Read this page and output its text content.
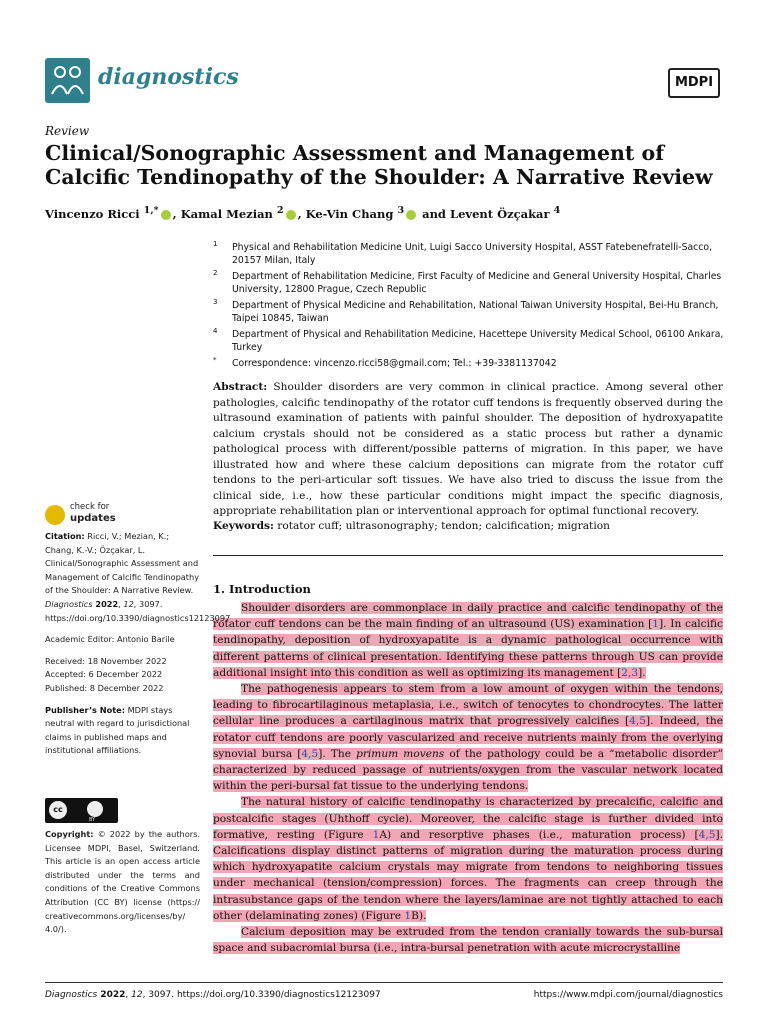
diagnostics	MDPI
Review
Clinical/Sonographic Assessment and Management of Calcific Tendinopathy of the Shoulder: A Narrative Review
Vincenzo Ricci $^{1,*}$ , Kamal Mezian $^2$ , Ke-Vin Chang $^3$ and Levent Özçakar $^4$
1 Physical and Rehabilitation Medicine Unit, Luigi Sacco University Hospital, ASST Fatebenefratelli-Sacco, 20157 Milan, Italy
2 Department of Rehabilitation Medicine, First Faculty of Medicine and General University Hospital, Charles University, 12800 Prague, Czech Republic
3 Department of Physical Medicine and Rehabilitation, National Taiwan University Hospital, Bei-Hu Branch, Taipei 10845, Taiwan
4 Department of Physical and Rehabilitation Medicine, Hacettepe University Medical School, 06100 Ankara, Turkey
* Correspondence: vincenzo.ricci58@gmail.com; Tel.: +39-3381137042
Abstract: Shoulder disorders are very common in clinical practice. Among several other pathologies, calcific tendinopathy of the rotator cuff tendons is frequently observed during the ultrasound examination of patients with painful shoulder. The deposition of hydroxyapatite calcium crystals should not be considered as a static process but rather a dynamic pathological process with different/possible patterns of migration. In this paper, we have illustrated how and where these calcium depositions can migrate from the rotator cuff tendons to the peri-articular soft tissues. We have also tried to discuss the issue from the clinical side, i.e., how these particular conditions might impact the specific diagnosis, appropriate rehabilitation plan or interventional approach for optimal functional recovery.
Keywords: rotator cuff; ultrasonography; tendon; calcification; migration
1. Introduction

Shoulder disorders are commonplace in daily practice and calcific tendinopathy of the rotator cuff tendons can be the main finding of an ultrasound (US) examination [1]. In calcific tendinopathy, deposition of hydroxyapatite is a dynamic pathological occurrence with different patterns of clinical presentation. Identifying these patterns through US can provide additional insight into this condition as well as optimizing its management [2,3].

The pathogenesis appears to stem from a low amount of oxygen within the tendons, leading to fibrocartilaginous metaplasia, i.e., switch of tenocytes to chondrocytes. The latter cellular line produces a cartilaginous matrix that progressively calcifies [4,5]. Indeed, the rotator cuff tendons are poorly vascularized and receive nutrients mainly from the overlying synovial bursa [4,5]. The primum movens of the pathology could be a “metabolic disorder” characterized by reduced passage of nutrients/oxygen from the vascular network located within the peri-bursal fat tissue to the underlying tendons.

The natural history of calcific tendinopathy is characterized by precalcific, calcific and postcalcific stages (Uhthoff cycle). Moreover, the calcific stage is further divided into formative, resting (Figure 1A) and resorptive phases (i.e., maturation process) [4,5]. Calcifications display distinct patterns of migration during the maturation process during which hydroxyapatite calcium crystals may migrate from tendons to neighboring tissues under mechanical (tension/compression) forces. The fragments can creep through the intrasubstance gaps of the tendon where the layers/laminae are not tightly attached to each other (delaminating zones) (Figure 1B).

Calcium deposition may be extruded from the tendon cranially towards the sub-bursal space and subacromial bursa (i.e., intra-bursal penetration with acute microcrystalline

check for
updates
Citation: Ricci, V.; Mezian, K.; Chang, K.-V.; Özçakar, L. Clinical/Sonographic Assessment and Management of Calcific Tendinopathy of the Shoulder: A Narrative Review. Diagnostics 2022, 12, 3097. https://doi.org/10.3390/diagnostics12123097
Academic Editor: Antonio Barile
Received: 18 November 2022
Accepted: 6 December 2022
Published: 8 December 2022
Publisher’s Note: MDPI stays neutral with regard to jurisdictional claims in published maps and institutional affiliations.
cc
BY
Copyright: © 2022 by the authors. Licensee MDPI, Basel, Switzerland. This article is an open access article distributed under the terms and conditions of the Creative Commons Attribution (CC BY) license (https:// creativecommons.org/licenses/by/ 4.0/).
Diagnostics 2022, 12, 3097. https://doi.org/10.3390/diagnostics12123097	https://www.mdpi.com/journal/diagnostics
